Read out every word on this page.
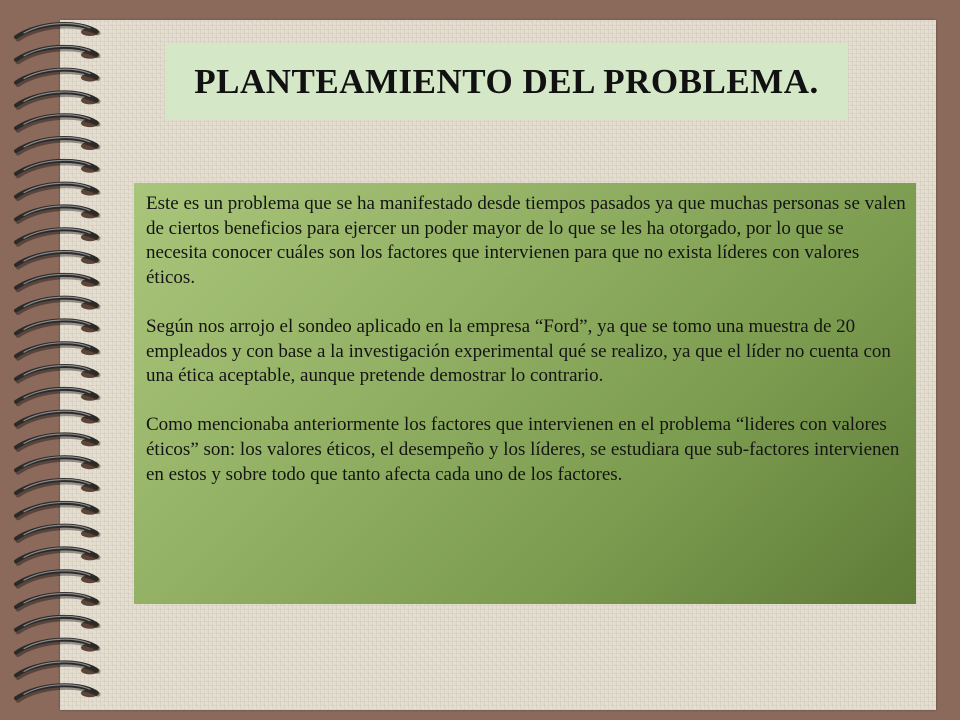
PLANTEAMIENTO DEL PROBLEMA.

Este es un problema que se ha manifestado desde tiempos pasados ya que muchas personas se valen de ciertos beneficios para ejercer un poder mayor de lo que se les ha otorgado, por lo que se necesita conocer cuáles son los factores que intervienen para que no exista líderes con valores éticos.

Según nos arrojo el sondeo aplicado en la empresa “Ford”, ya que se tomo una muestra de 20 empleados y con base a la investigación experimental qué se realizo, ya que el líder no cuenta con una ética aceptable, aunque pretende demostrar lo contrario.

Como mencionaba anteriormente los factores que intervienen en el problema “lideres con valores éticos” son: los valores éticos, el desempeño y los líderes, se estudiara que sub-factores intervienen en estos y sobre todo que tanto afecta cada uno de los factores.
